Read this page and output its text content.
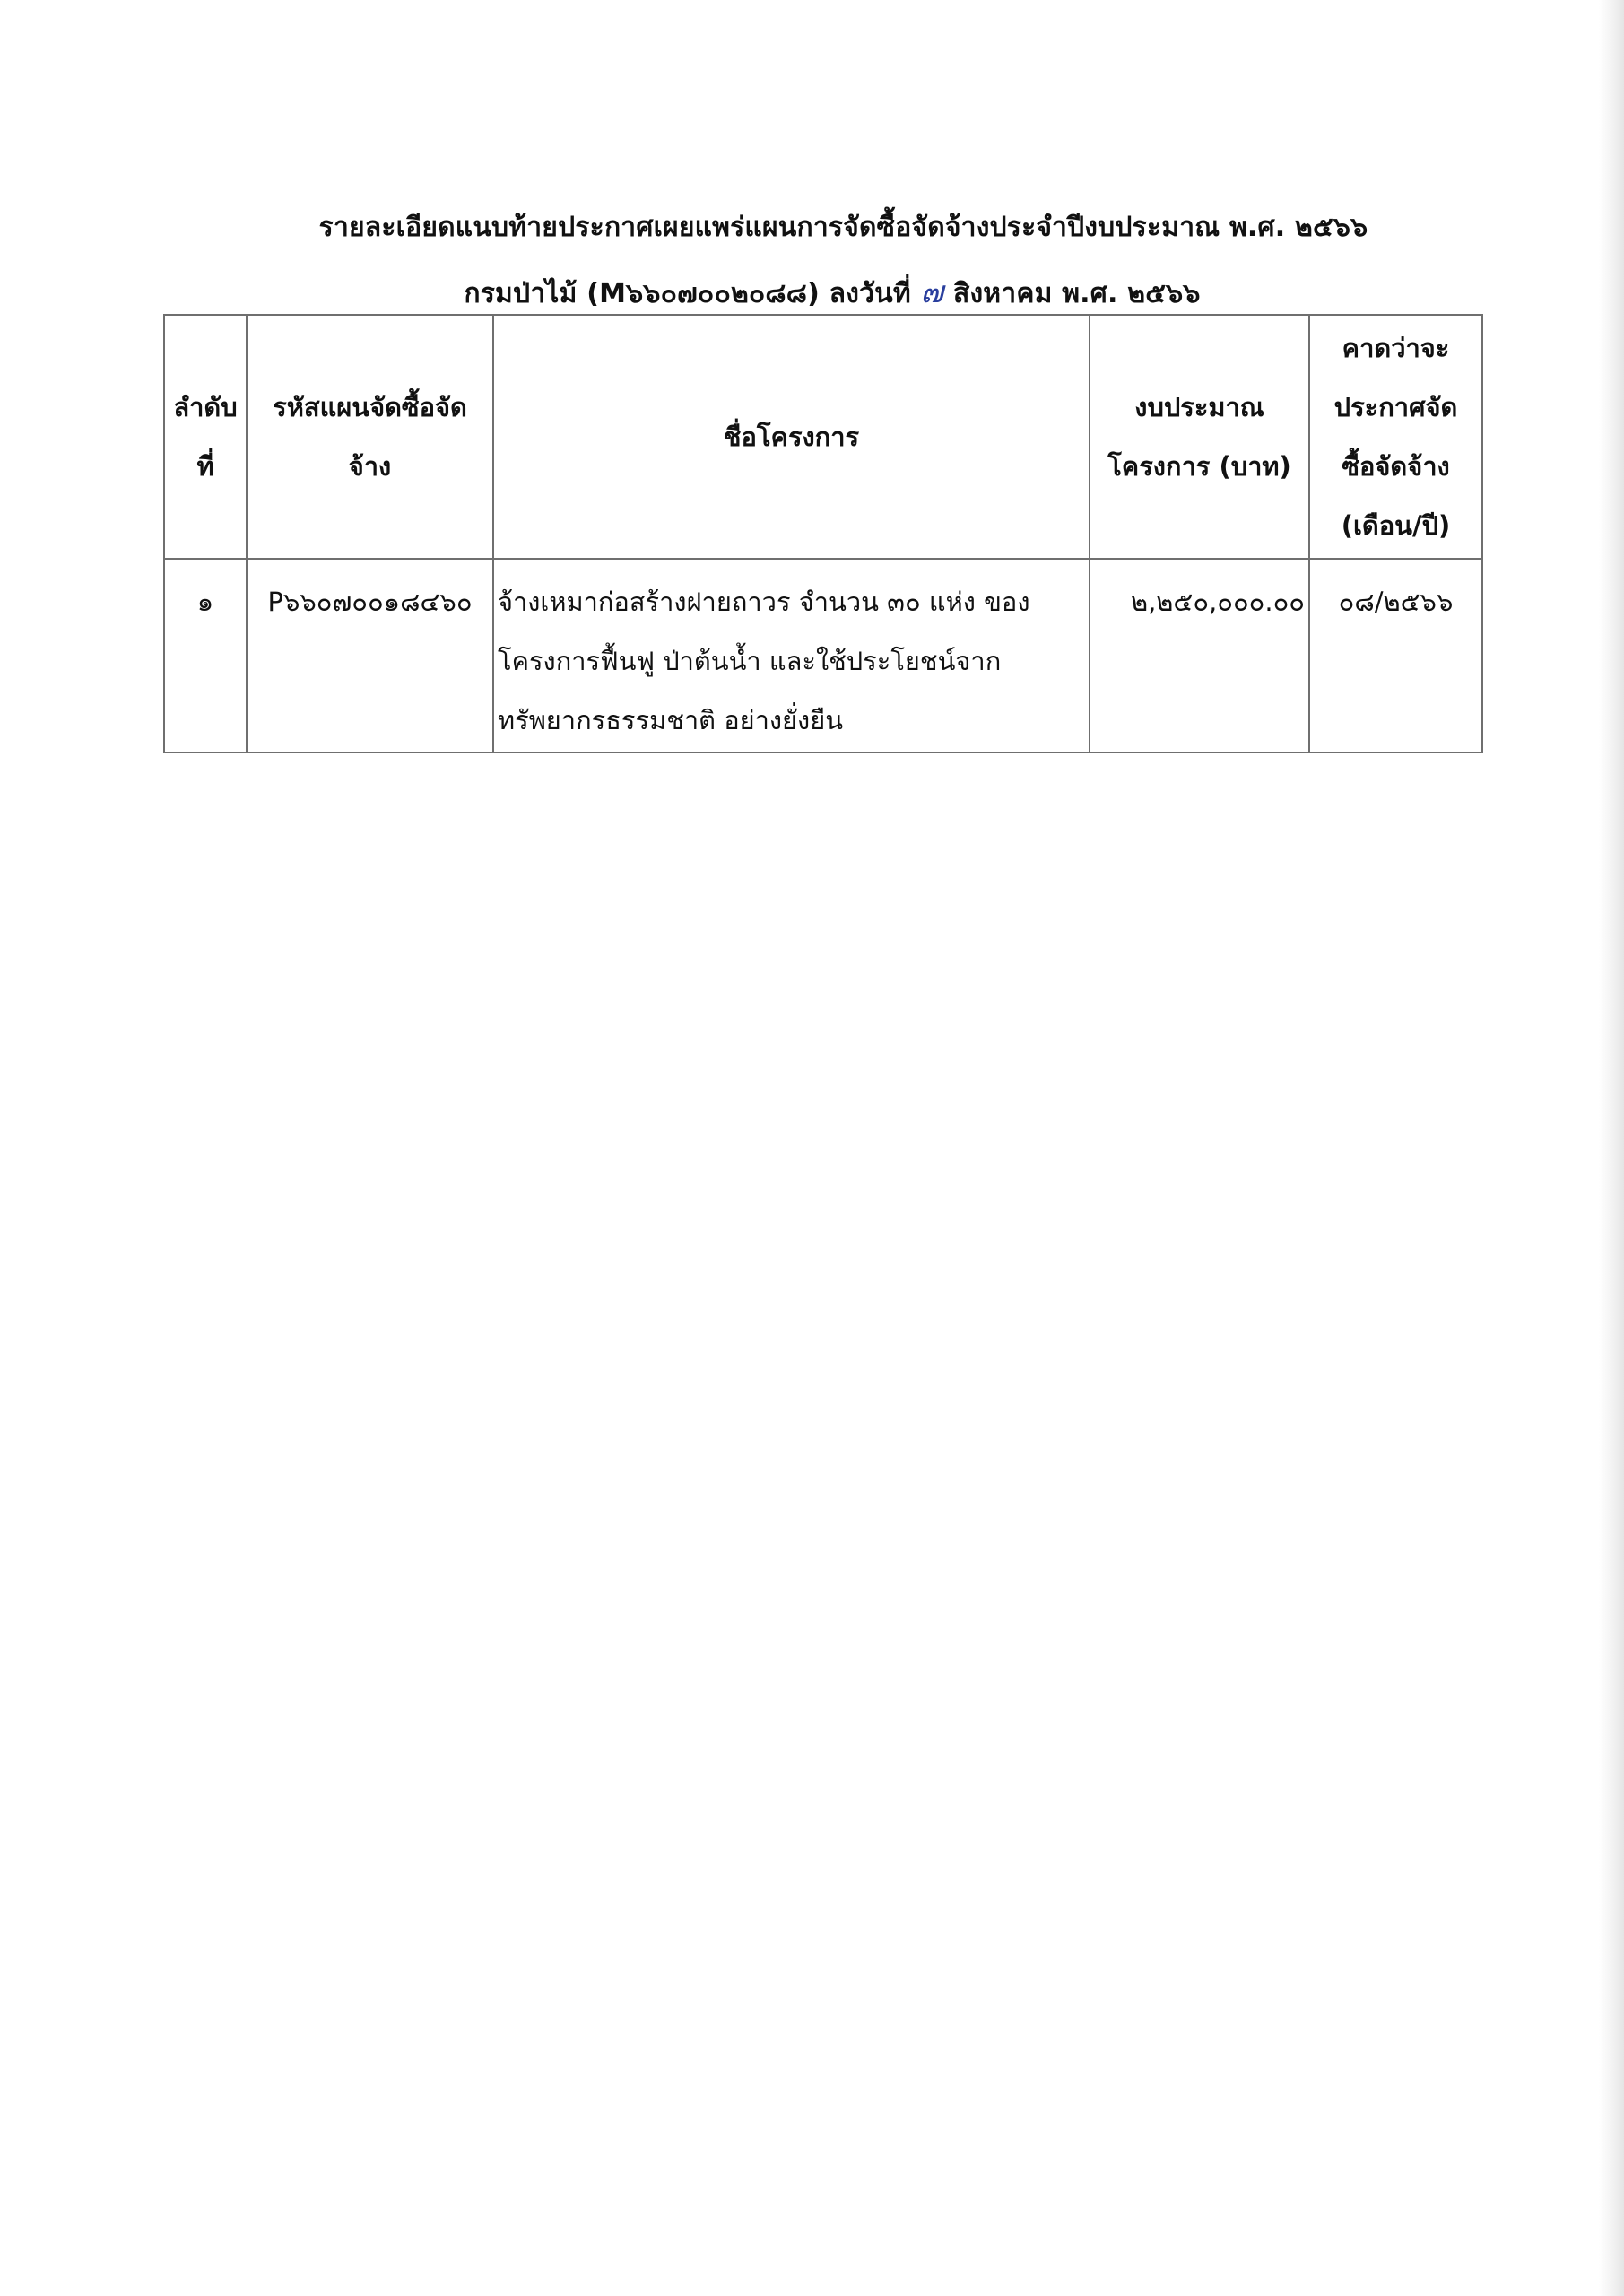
รายละเอียดแนบท้ายประกาศเผยแพร่แผนการจัดซื้อจัดจ้างประจำปีงบประมาณ พ.ศ. ๒๕๖๖
กรมป่าไม้ (M๖๖๐๗๐๐๒๐๘๘) ลงวันที่ ๗ สิงหาคม พ.ศ. ๒๕๖๖
ลำดับ ที่	รหัสแผนจัดซื้อจัด จ้าง	ชื่อโครงการ	งบประมาณ โครงการ (บาท)	คาดว่าจะ ประกาศจัด ซื้อจัดจ้าง (เดือน/ปี)
๑	P๖๖๐๗๐๐๑๘๔๖๐	จ้างเหมาก่อสร้างฝายถาวร จำนวน ๓๐ แห่ง ของ โครงการฟื้นฟู ป่าต้นน้ำ และใช้ประโยชน์จาก ทรัพยากรธรรมชาติ อย่างยั่งยืน	๒,๒๕๐,๐๐๐.๐๐	๐๘/๒๕๖๖
